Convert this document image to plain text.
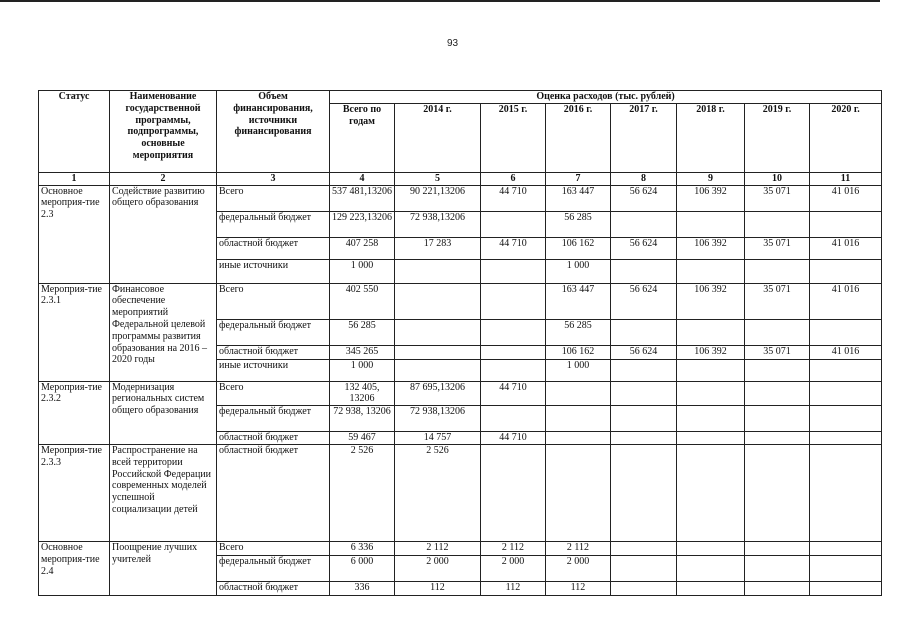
93
Статус	Наименование государственной программы, подпрограммы, основные мероприятия	Объем финансирования, источники финансирования	Оценка расходов (тыс. рублей)							
			Всего по годам	2014 г.	2015 г.	2016 г.	2017 г.	2018 г.	2019 г.	2020 г.
1	2	3	4	5	6	7	8	9	10	11
Основное мероприя-тие 2.3	Содействие развитию общего образования	Всего	537 481,13206	90 221,13206	44 710	163 447	56 624	106 392	35 071	41 016
		федеральный бюджет	129 223,13206	72 938,13206		56 285				
		областной бюджет	407 258	17 283	44 710	106 162	56 624	106 392	35 071	41 016
		иные источники	1 000			1 000				
Мероприя-тие 2.3.1	Финансовое обеспечение мероприятий Федеральной целевой программы развития образования на 2016 – 2020 годы	Всего	402 550			163 447	56 624	106 392	35 071	41 016
		федеральный бюджет	56 285			56 285				
		областной бюджет	345 265			106 162	56 624	106 392	35 071	41 016
		иные источники	1 000			1 000				
Мероприя-тие 2.3.2	Модернизация региональных систем общего образования	Всего	132 405, 13206	87 695,13206	44 710					
		федеральный бюджет	72 938, 13206	72 938,13206						
		областной бюджет	59 467	14 757	44 710					
Мероприя-тие 2.3.3	Распространение на всей территории Российской Федерации современных моделей успешной социализации детей	областной бюджет	2 526	2 526						
Основное мероприя-тие 2.4	Поощрение лучших учителей	Всего	6 336	2 112	2 112	2 112				
		федеральный бюджет	6 000	2 000	2 000	2 000				
		областной бюджет	336	112	112	112				
